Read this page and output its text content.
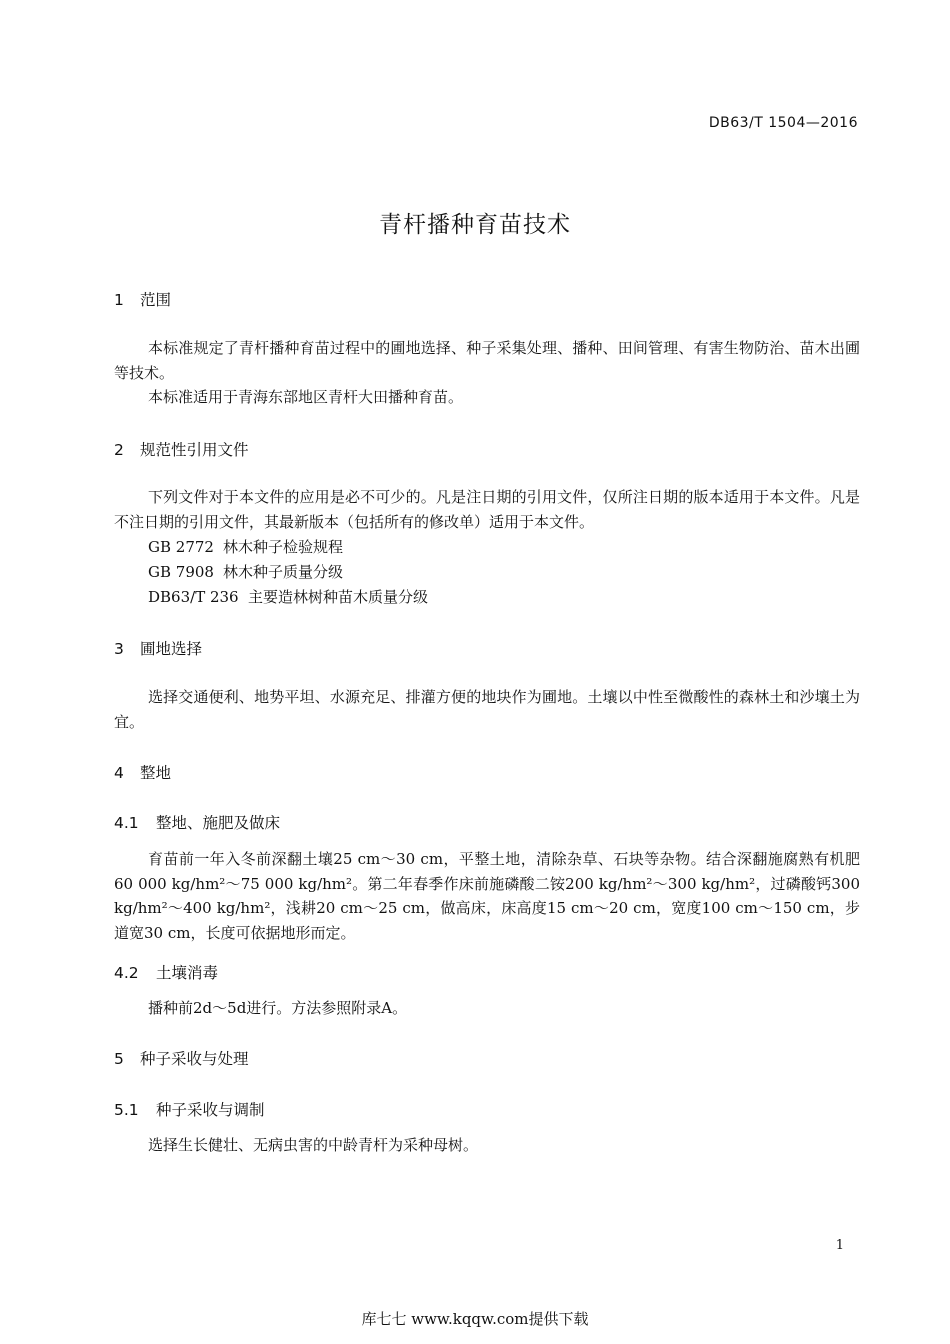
DB63/T 1504—2016
青杆播种育苗技术
1 范围
本标准规定了青杆播种育苗过程中的圃地选择、种子采集处理、播种、田间管理、有害生物防治、苗木出圃等技术。
本标准适用于青海东部地区青杆大田播种育苗。
2 规范性引用文件
下列文件对于本文件的应用是必不可少的。凡是注日期的引用文件，仅所注日期的版本适用于本文件。凡是不注日期的引用文件，其最新版本（包括所有的修改单）适用于本文件。
GB 2772 林木种子检验规程
GB 7908 林木种子质量分级
DB63/T 236 主要造林树种苗木质量分级
3 圃地选择
选择交通便利、地势平坦、水源充足、排灌方便的地块作为圃地。土壤以中性至微酸性的森林土和沙壤土为宜。
4 整地
4.1 整地、施肥及做床
育苗前一年入冬前深翻土壤25 cm～30 cm，平整土地，清除杂草、石块等杂物。结合深翻施腐熟有机肥60 000 kg/hm²～75 000 kg/hm²。第二年春季作床前施磷酸二铵200 kg/hm²～300 kg/hm²，过磷酸钙300 kg/hm²～400 kg/hm²，浅耕20 cm～25 cm，做高床，床高度15 cm～20 cm，宽度100 cm～150 cm，步道宽30 cm，长度可依据地形而定。
4.2 土壤消毒
播种前2d～5d进行。方法参照附录A。
5 种子采收与处理
5.1 种子采收与调制
选择生长健壮、无病虫害的中龄青杆为采种母树。
1
库七七 www.kqqw.com提供下载
